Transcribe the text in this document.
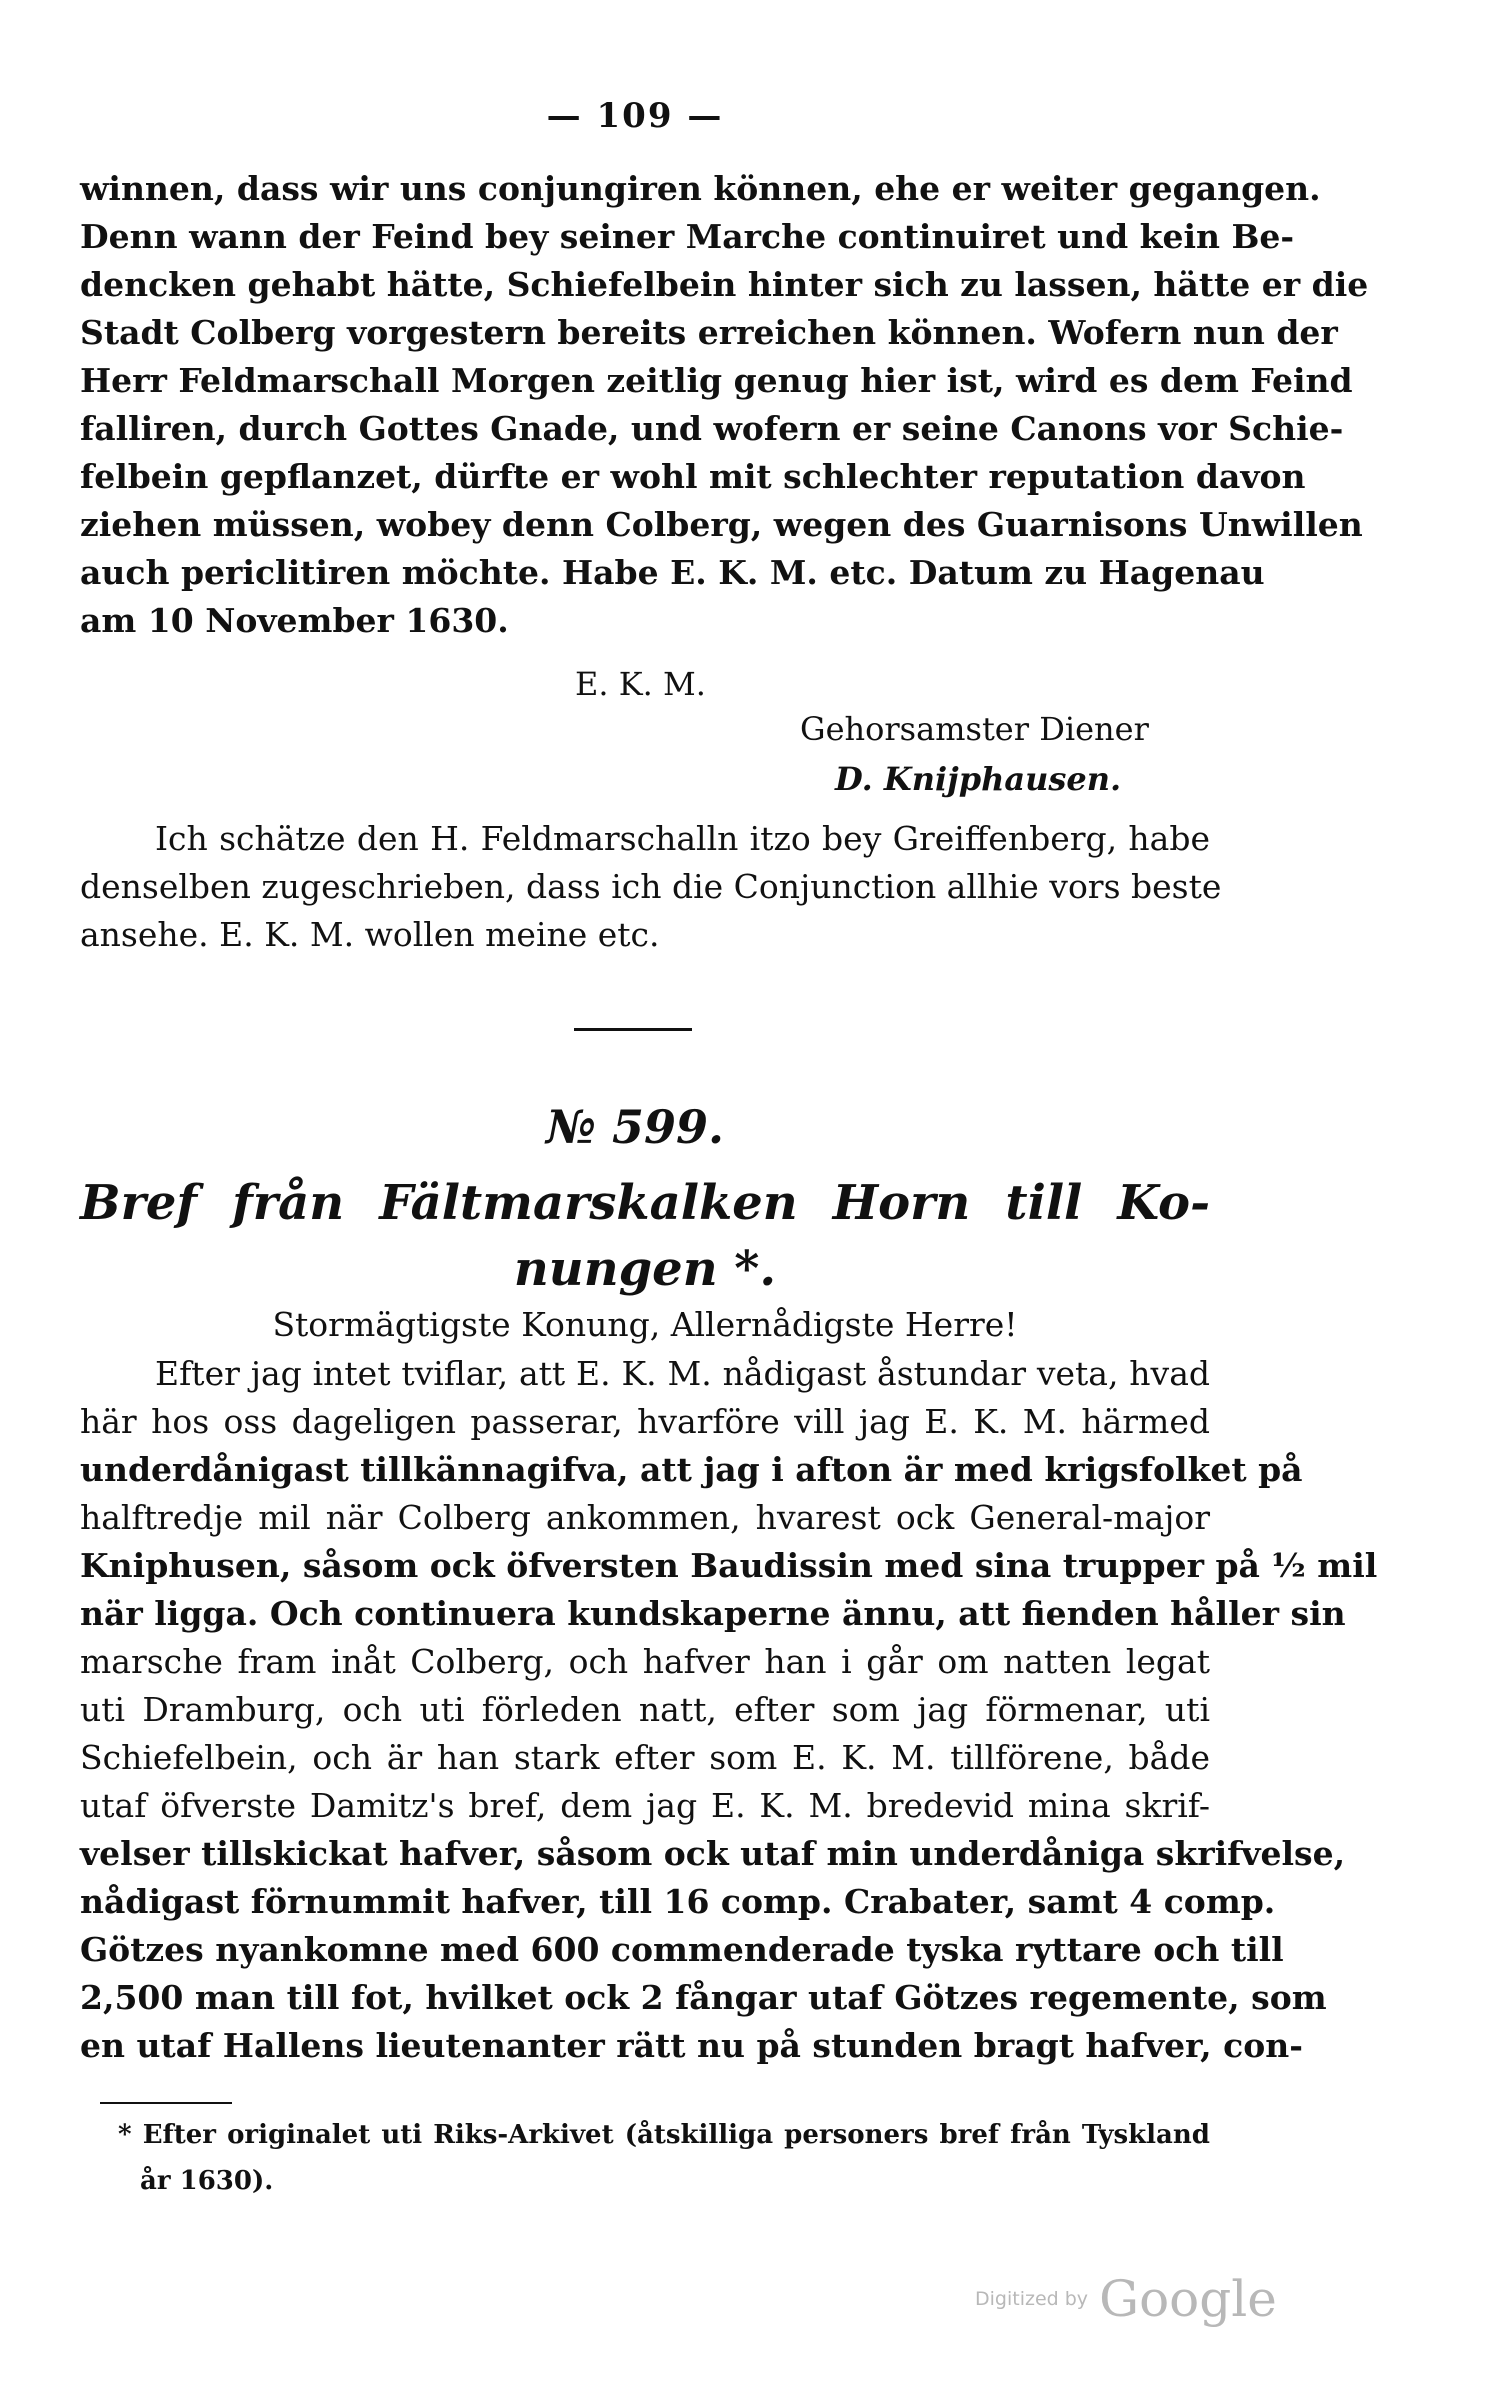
— 109 —
winnen, dass wir uns conjungiren können, ehe er weiter gegangen.
Denn wann der Feind bey seiner Marche continuiret und kein Be-
dencken gehabt hätte, Schiefelbein hinter sich zu lassen, hätte er die
Stadt Colberg vorgestern bereits erreichen können. Wofern nun der
Herr Feldmarschall Morgen zeitlig genug hier ist, wird es dem Feind
falliren, durch Gottes Gnade, und wofern er seine Canons vor Schie-
felbein gepflanzet, dürfte er wohl mit schlechter reputation davon
ziehen müssen, wobey denn Colberg, wegen des Guarnisons Unwillen
auch periclitiren möchte. Habe E. K. M. etc. Datum zu Hagenau
am 10 November 1630.
E. K. M.
Gehorsamster Diener
D. Knijphausen.
Ich schätze den H. Feldmarschalln itzo bey Greiffenberg, habe
denselben zugeschrieben, dass ich die Conjunction allhie vors beste
ansehe. E. K. M. wollen meine etc.
№ 599.
Bref från Fältmarskalken Horn till Ko-
nungen *.
Stormägtigste Konung, Allernådigste Herre!
Efter jag intet tviflar, att E. K. M. nådigast åstundar veta, hvad
här hos oss dageligen passerar, hvarföre vill jag E. K. M. härmed
underdånigast tillkännagifva, att jag i afton är med krigsfolket på
halftredje mil när Colberg ankommen, hvarest ock General-major
Kniphusen, såsom ock öfversten Baudissin med sina trupper på ½ mil
när ligga. Och continuera kundskaperne ännu, att fienden håller sin
marsche fram inåt Colberg, och hafver han i går om natten legat
uti Dramburg, och uti förleden natt, efter som jag förmenar, uti
Schiefelbein, och är han stark efter som E. K. M. tillförene, både
utaf öfverste Damitz's bref, dem jag E. K. M. bredevid mina skrif-
velser tillskickat hafver, såsom ock utaf min underdåniga skrifvelse,
nådigast förnummit hafver, till 16 comp. Crabater, samt 4 comp.
Götzes nyankomne med 600 commenderade tyska ryttare och till
2,500 man till fot, hvilket ock 2 fångar utaf Götzes regemente, som
en utaf Hallens lieutenanter rätt nu på stunden bragt hafver, con-
* Efter originalet uti Riks-Arkivet (åtskilliga personers bref från Tyskland
år 1630).
Digitized by Google
